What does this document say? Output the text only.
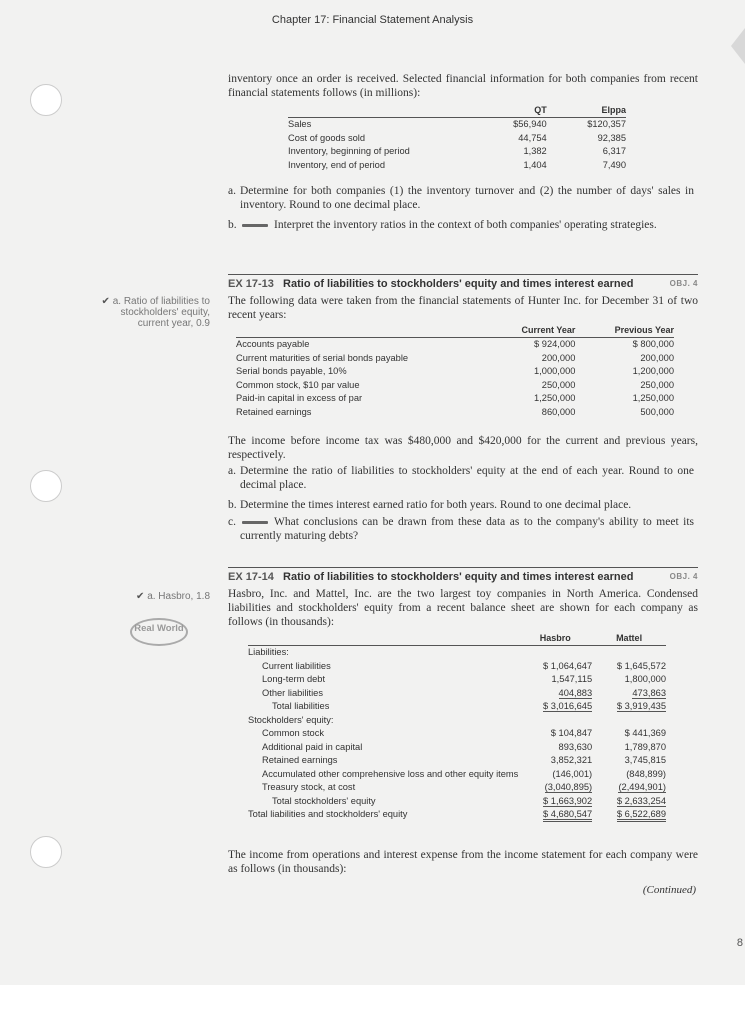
Chapter 17: Financial Statement Analysis
inventory once an order is received. Selected financial information for both companies from recent financial statements follows (in millions):
	QT	Elppa
Sales	$56,940	$120,357
Cost of goods sold	44,754	92,385
Inventory, beginning of period	1,382	6,317
Inventory, end of period	1,404	7,490
a. Determine for both companies (1) the inventory turnover and (2) the number of days' sales in inventory. Round to one decimal place.
b.	Interpret the inventory ratios in the context of both companies' operating strategies.
EX 17-13 Ratio of liabilities to stockholders' equity and times interest earned	OBJ. 4
✔ a. Ratio of liabilities to stockholders' equity, current year, 0.9
The following data were taken from the financial statements of Hunter Inc. for December 31 of two recent years:
	Current Year	Previous Year
Accounts payable	$ 924,000	$ 800,000
Current maturities of serial bonds payable	200,000	200,000
Serial bonds payable, 10%	1,000,000	1,200,000
Common stock, $10 par value	250,000	250,000
Paid-in capital in excess of par	1,250,000	1,250,000
Retained earnings	860,000	500,000
The income before income tax was $480,000 and $420,000 for the current and previous years, respectively.
a. Determine the ratio of liabilities to stockholders' equity at the end of each year. Round to one decimal place.
b. Determine the times interest earned ratio for both years. Round to one decimal place.
c.	What conclusions can be drawn from these data as to the company's ability to meet its currently maturing debts?
EX 17-14 Ratio of liabilities to stockholders' equity and times interest earned	OBJ. 4
✔ a. Hasbro, 1.8
Real World
Hasbro, Inc. and Mattel, Inc. are the two largest toy companies in North America. Condensed liabilities and stockholders' equity from a recent balance sheet are shown for each company as follows (in thousands):
	Hasbro	Mattel
Liabilities:		
Current liabilities	$ 1,064,647	$ 1,645,572
Long-term debt	1,547,115	1,800,000
Other liabilities	404,883	473,863
Total liabilities	$ 3,016,645	$ 3,919,435
Stockholders' equity:		
Common stock	$ 104,847	$ 441,369
Additional paid in capital	893,630	1,789,870
Retained earnings	3,852,321	3,745,815
Accumulated other comprehensive loss and other equity items	(146,001)	(848,899)
Treasury stock, at cost	(3,040,895)	(2,494,901)
Total stockholders' equity	$ 1,663,902	$ 2,633,254
Total liabilities and stockholders' equity	$ 4,680,547	$ 6,522,689
The income from operations and interest expense from the income statement for each company were as follows (in thousands):
(Continued)
8
